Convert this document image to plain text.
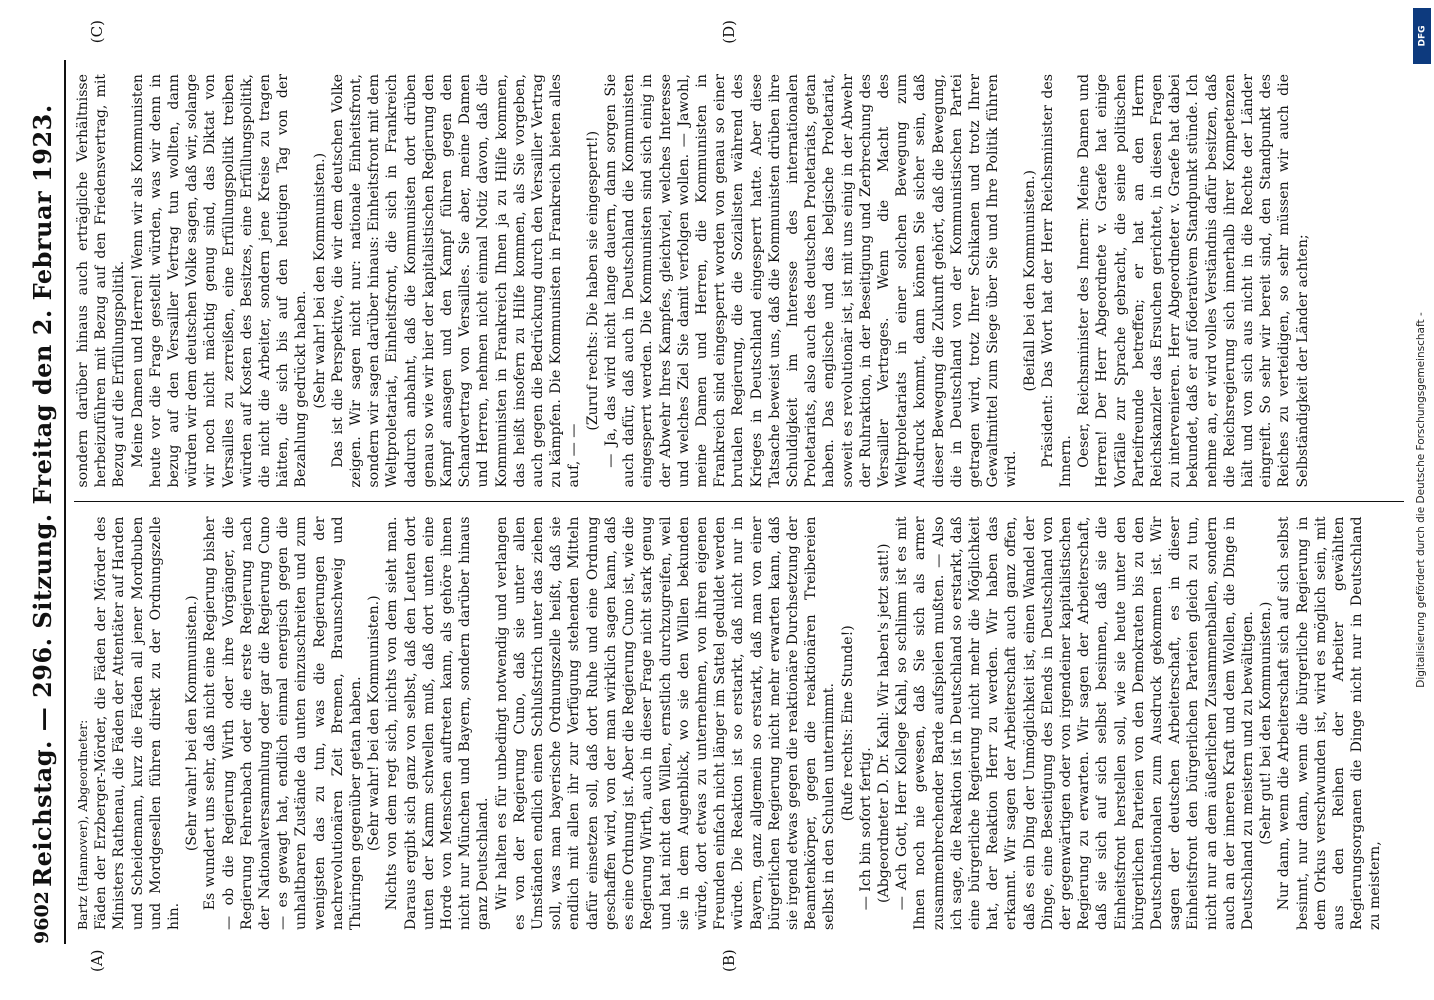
9602
Reichstag. — 296. Sitzung. Freitag den 2. Februar 1923.
(A)	(B)
(C)	(D)

Bartz (Hannover), Abgeordneter: Fäden der Erzberger-Mörder, die Fäden der Mörder des Ministers Rathenau, die Fäden der Attentäter auf Harden und Scheidemann, kurz die Fäden all jener Mordbuben und Mordgesellen führen direkt zu der Ordnungszelle hin.

(Sehr wahr! bei den Kommunisten.) Es wundert uns sehr, daß nicht eine Regierung bisher — ob die Regierung Wirth oder ihre Vorgänger, die Regierung Fehrenbach oder die erste Regierung nach der Nationalversammlung oder gar die Regierung Cuno — es gewagt hat, endlich einmal energisch gegen die unhaltbaren Zustände da unten einzuschreiten und zum wenigsten das zu tun, was die Regierungen der nachrevolutionären Zeit Bremen, Braunschweig und Thüringen gegenüber getan haben. (Sehr wahr! bei den Kommunisten.) Nichts von dem regt sich, nichts von dem sieht man. Daraus ergibt sich ganz von selbst, daß den Leuten dort unten der Kamm schwellen muß, daß dort unten eine Horde von Menschen auftreten kann, als gehöre ihnen nicht nur München und Bayern, sondern darüber hinaus ganz Deutschland. Wir halten es für unbedingt notwendig und verlangen es von der Regierung Cuno, daß sie unter allen Umständen endlich einen Schlußstrich unter das ziehen soll, was man bayerische Ordnungszelle heißt, daß sie endlich mit allen ihr zur Verfügung stehenden Mitteln dafür einsetzen soll, daß dort Ruhe und eine Ordnung geschaffen wird, von der man wirklich sagen kann, daß es eine Ordnung ist. Aber die Regierung Cuno ist, wie die Regierung Wirth, auch in dieser Frage nicht stark genug und hat nicht den Willen, ernstlich durchzugreifen, weil sie in dem Augenblick, wo sie den Willen bekunden würde, dort etwas zu unternehmen, von ihren eigenen Freunden einfach nicht länger im Sattel geduldet werden würde. Die Reaktion ist so erstarkt, daß nicht nur in Bayern, ganz allgemein so erstarkt, daß man von einer bürgerlichen Regierung nicht mehr erwarten kann, daß sie irgend etwas gegen die reaktionäre Durchsetzung der Beamtenkörper, gegen die reaktionären Treibereien selbst in den Schulen unternimmt. (Rufe rechts: Eine Stunde!)

— Ich bin sofort fertig. (Abgeordneter D. Dr. Kahl: Wir haben's jetzt satt!) — Ach Gott, Herr Kollege Kahl, so schlimm ist es mit Ihnen noch nie gewesen, daß Sie sich als armer zusammenbrechender Barde aufspielen mußten. — Also ich sage, die Reaktion ist in Deutschland so erstarkt, daß eine bürgerliche Regierung nicht mehr die Möglichkeit hat, der Reaktion Herr zu werden. Wir haben das erkannt. Wir sagen der Arbeiterschaft auch ganz offen, daß es ein Ding der Unmöglichkeit ist, einen Wandel der Dinge, eine Beseitigung des Elends in Deutschland von der gegenwärtigen oder von irgendeiner kapitalistischen Regierung zu erwarten. Wir sagen der Arbeiterschaft, daß sie sich auf sich selbst besinnen, daß sie die Einheitsfront herstellen soll, wie sie heute unter den bürgerlichen Parteien von den Demokraten bis zu den Deutschnationalen zum Ausdruck gekommen ist. Wir sagen der deutschen Arbeiterschaft, es in dieser Einheitsfront den bürgerlichen Parteien gleich zu tun, nicht nur an dem äußerlichen Zusammenballen, sondern auch an der inneren Kraft und dem Wollen, die Dinge in Deutschland zu meistern und zu bewältigen. (Sehr gut! bei den Kommunisten.) Nur dann, wenn die Arbeiterschaft sich auf sich selbst besinnt, nur dann, wenn die bürgerliche Regierung in dem Orkus verschwunden ist, wird es möglich sein, mit aus den Reihen der Arbeiter gewählten Regierungsorganen die Dinge nicht nur in Deutschland zu meistern,

sondern darüber hinaus auch erträgliche Verhältnisse herbeizuführen mit Bezug auf den Friedensvertrag, mit Bezug auf die Erfüllungspolitik. Meine Damen und Herren! Wenn wir als Kommunisten heute vor die Frage gestellt würden, was wir denn in bezug auf den Versailler Vertrag tun wollten, dann würden wir dem deutschen Volke sagen, daß wir, solange wir noch nicht mächtig genug sind, das Diktat von Versailles zu zerreißen, eine Erfüllungspolitik treiben würden auf Kosten des Besitzes, eine Erfüllungspolitik, die nicht die Arbeiter, sondern jene Kreise zu tragen hätten, die sich bis auf den heutigen Tag von der Bezahlung gedrückt haben. (Sehr wahr! bei den Kommunisten.) Das ist die Perspektive, die wir dem deutschen Volke zeigen. Wir sagen nicht nur: nationale Einheitsfront, sondern wir sagen darüber hinaus: Einheitsfront mit dem Weltproletariat, Einheitsfront, die sich in Frankreich dadurch anbahnt, daß die Kommunisten dort drüben genau so wie wir hier der kapitalistischen Regierung den Kampf ansagen und den Kampf führen gegen den Schandvertrag von Versailles. Sie aber, meine Damen und Herren, nehmen nicht einmal Notiz davon, daß die Kommunisten in Frankreich Ihnen ja zu Hilfe kommen, das heißt insofern zu Hilfe kommen, als Sie vorgeben, auch gegen die Bedrückung durch den Versailler Vertrag zu kämpfen. Die Kommunisten in Frankreich bieten alles auf, — —

(Zuruf rechts: Die haben sie eingesperrt!) — Ja, das wird nicht lange dauern, dann sorgen Sie auch dafür, daß auch in Deutschland die Kommunisten eingesperrt werden. Die Kommunisten sind sich einig in der Abwehr Ihres Kampfes, gleichviel, welches Interesse und welches Ziel Sie damit verfolgen wollen. — Jawohl, meine Damen und Herren, die Kommunisten in Frankreich sind eingesperrt worden von genau so einer brutalen Regierung, die die Sozialisten während des Krieges in Deutschland eingesperrt hatte. Aber diese Tatsache beweist uns, daß die Kommunisten drüben ihre Schuldigkeit im Interesse des internationalen Proletariats, also auch des deutschen Proletariats, getan haben. Das englische und das belgische Proletariat, soweit es revolutionär ist, ist mit uns einig in der Abwehr der Ruhraktion, in der Beseitigung und Zerbrechung des Versailler Vertrages. Wenn die Macht des Weltproletariats in einer solchen Bewegung zum Ausdruck kommt, dann können Sie sicher sein, daß dieser Bewegung die Zukunft gehört, daß die Bewegung, die in Deutschland von der Kommunistischen Partei getragen wird, trotz Ihrer Schikanen und trotz Ihrer Gewaltmittel zum Siege über Sie und Ihre Politik führen wird.

(Beifall bei den Kommunisten.) Präsident: Das Wort hat der Herr Reichsminister des Innern. Oeser, Reichsminister des Innern: Meine Damen und Herren! Der Herr Abgeordnete v. Graefe hat einige Vorfälle zur Sprache gebracht, die seine politischen Parteifreunde betreffen; er hat an den Herrn Reichskanzler das Ersuchen gerichtet, in diesen Fragen zu intervenieren. Herr Abgeordneter v. Graefe hat dabei bekundet, daß er auf föderativem Standpunkt stünde. Ich nehme an, er wird volles Verständnis dafür besitzen, daß die Reichsregierung sich innerhalb ihrer Kompetenzen hält und von sich aus nicht in die Rechte der Länder eingreift. So sehr wir bereit sind, den Standpunkt des Reiches zu verteidigen, so sehr müssen wir auch die Selbständigkeit der Länder achten;

DFG
Digitalisierung gefördert durch die Deutsche Forschungsgemeinschaft -
